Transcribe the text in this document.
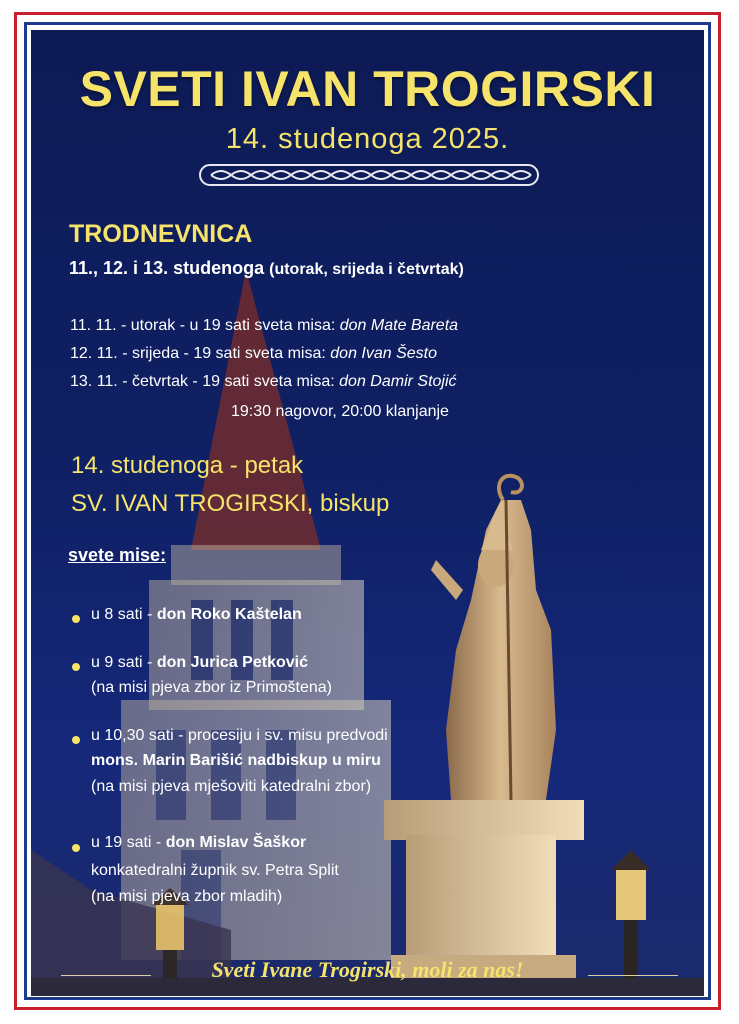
SVETI IVAN TROGIRSKI
14. studenoga 2025.
TRODNEVNICA
11., 12. i 13. studenoga (utorak, srijeda i četvrtak)
11. 11. - utorak - u 19 sati sveta misa: don Mate Bareta
12. 11. - srijeda - 19 sati sveta misa: don Ivan Šesto
13. 11. - četvrtak - 19 sati sveta misa: don Damir Stojić
19:30 nagovor, 20:00 klanjanje
14. studenoga - petak
SV. IVAN TROGIRSKI, biskup
svete mise:
u 8 sati - don Roko Kaštelan
u 9 sati - don Jurica Petković
(na misi pjeva zbor iz Primoštena)
u 10,30 sati - procesiju i sv. misu predvodi
mons. Marin Barišić nadbiskup u miru
(na misi pjeva mješoviti katedralni zbor)
u 19 sati - don Mislav Šaškor
konkatedralni župnik sv. Petra Split
(na misi pjeva zbor mladih)
Sveti Ivane Trogirski, moli za nas!
